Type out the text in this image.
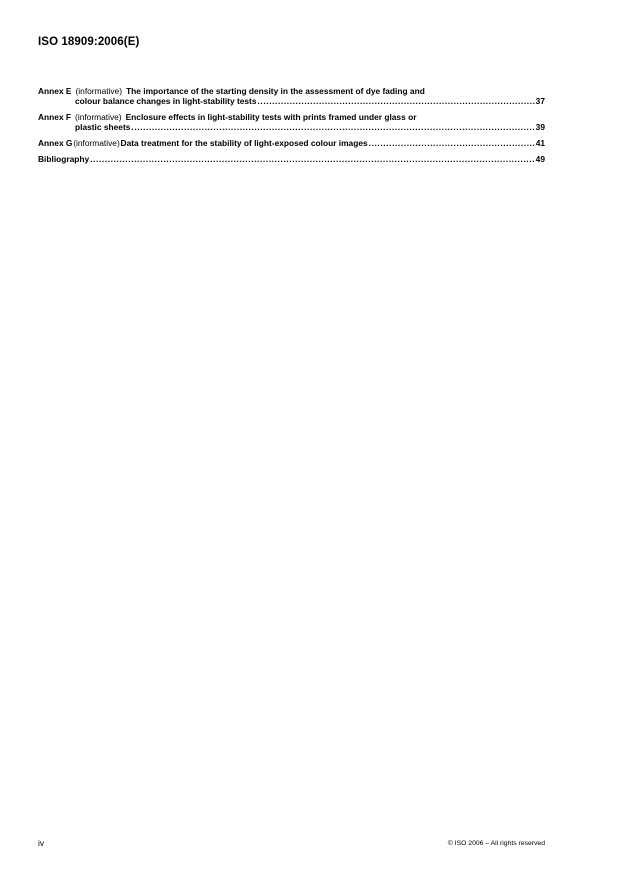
ISO 18909:2006(E)
Annex E (informative) The importance of the starting density in the assessment of dye fading and
colour balance changes in light-stability tests .....	37
Annex F (informative) Enclosure effects in light-stability tests with prints framed under glass or
plastic sheets .....	39
Annex G (informative) Data treatment for the stability of light-exposed colour images .....	41
Bibliography .....	49
iv	© ISO 2006 – All rights reserved
